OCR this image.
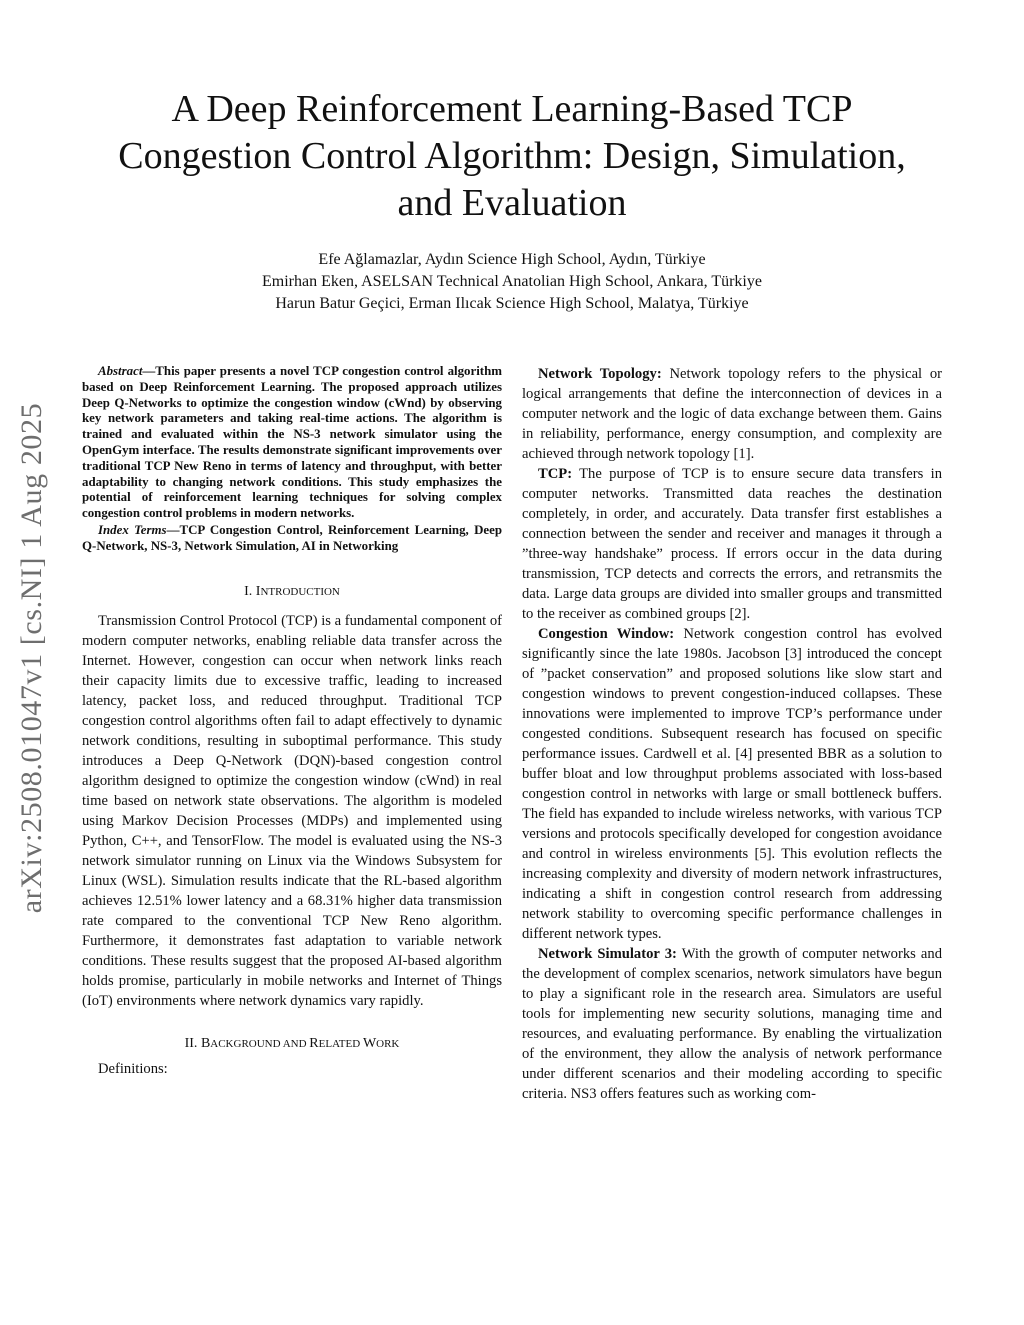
A Deep Reinforcement Learning-Based TCP
Congestion Control Algorithm: Design, Simulation,
and Evaluation
Efe Ağlamazlar, Aydın Science High School, Aydın, Türkiye
Emirhan Eken, ASELSAN Technical Anatolian High School, Ankara, Türkiye
Harun Batur Geçici, Erman Ilıcak Science High School, Malatya, Türkiye
arXiv:2508.01047v1 [cs.NI] 1 Aug 2025

Abstract—This paper presents a novel TCP congestion control algorithm based on Deep Reinforcement Learning. The proposed approach utilizes Deep Q-Networks to optimize the congestion window (cWnd) by observing key network parameters and taking real-time actions. The algorithm is trained and evaluated within the NS-3 network simulator using the OpenGym interface. The results demonstrate significant improvements over traditional TCP New Reno in terms of latency and throughput, with better adaptability to changing network conditions. This study emphasizes the potential of reinforcement learning techniques for solving complex congestion control problems in modern networks.

Index Terms—TCP Congestion Control, Reinforcement Learning, Deep Q-Network, NS-3, Network Simulation, AI in Networking

I. INTRODUCTION

Transmission Control Protocol (TCP) is a fundamental component of modern computer networks, enabling reliable data transfer across the Internet. However, congestion can occur when network links reach their capacity limits due to excessive traffic, leading to increased latency, packet loss, and reduced throughput. Traditional TCP congestion control algorithms often fail to adapt effectively to dynamic network conditions, resulting in suboptimal performance. This study introduces a Deep Q-Network (DQN)-based congestion control algorithm designed to optimize the congestion window (cWnd) in real time based on network state observations. The algorithm is modeled using Markov Decision Processes (MDPs) and implemented using Python, C++, and TensorFlow. The model is evaluated using the NS-3 network simulator running on Linux via the Windows Subsystem for Linux (WSL). Simulation results indicate that the RL-based algorithm achieves 12.51% lower latency and a 68.31% higher data transmission rate compared to the conventional TCP New Reno algorithm. Furthermore, it demonstrates fast adaptation to variable network conditions. These results suggest that the proposed AI-based algorithm holds promise, particularly in mobile networks and Internet of Things (IoT) environments where network dynamics vary rapidly.

II. BACKGROUND AND RELATED WORK

Definitions:

Network Topology: Network topology refers to the physical or logical arrangements that define the interconnection of devices in a computer network and the logic of data exchange between them. Gains in reliability, performance, energy consumption, and complexity are achieved through network topology [1].

TCP: The purpose of TCP is to ensure secure data transfers in computer networks. Transmitted data reaches the destination completely, in order, and accurately. Data transfer first establishes a connection between the sender and receiver and manages it through a ”three-way handshake” process. If errors occur in the data during transmission, TCP detects and corrects the errors, and retransmits the data. Large data groups are divided into smaller groups and transmitted to the receiver as combined groups [2].

Congestion Window: Network congestion control has evolved significantly since the late 1980s. Jacobson [3] introduced the concept of ”packet conservation” and proposed solutions like slow start and congestion windows to prevent congestion-induced collapses. These innovations were implemented to improve TCP’s performance under congested conditions. Subsequent research has focused on specific performance issues. Cardwell et al. [4] presented BBR as a solution to buffer bloat and low throughput problems associated with loss-based congestion control in networks with large or small bottleneck buffers. The field has expanded to include wireless networks, with various TCP versions and protocols specifically developed for congestion avoidance and control in wireless environments [5]. This evolution reflects the increasing complexity and diversity of modern network infrastructures, indicating a shift in congestion control research from addressing network stability to overcoming specific performance challenges in different network types.

Network Simulator 3: With the growth of computer networks and the development of complex scenarios, network simulators have begun to play a significant role in the research area. Simulators are useful tools for implementing new security solutions, managing time and resources, and evaluating performance. By enabling the virtualization of the environment, they allow the analysis of network performance under different scenarios and their modeling according to specific criteria. NS3 offers features such as working com-
